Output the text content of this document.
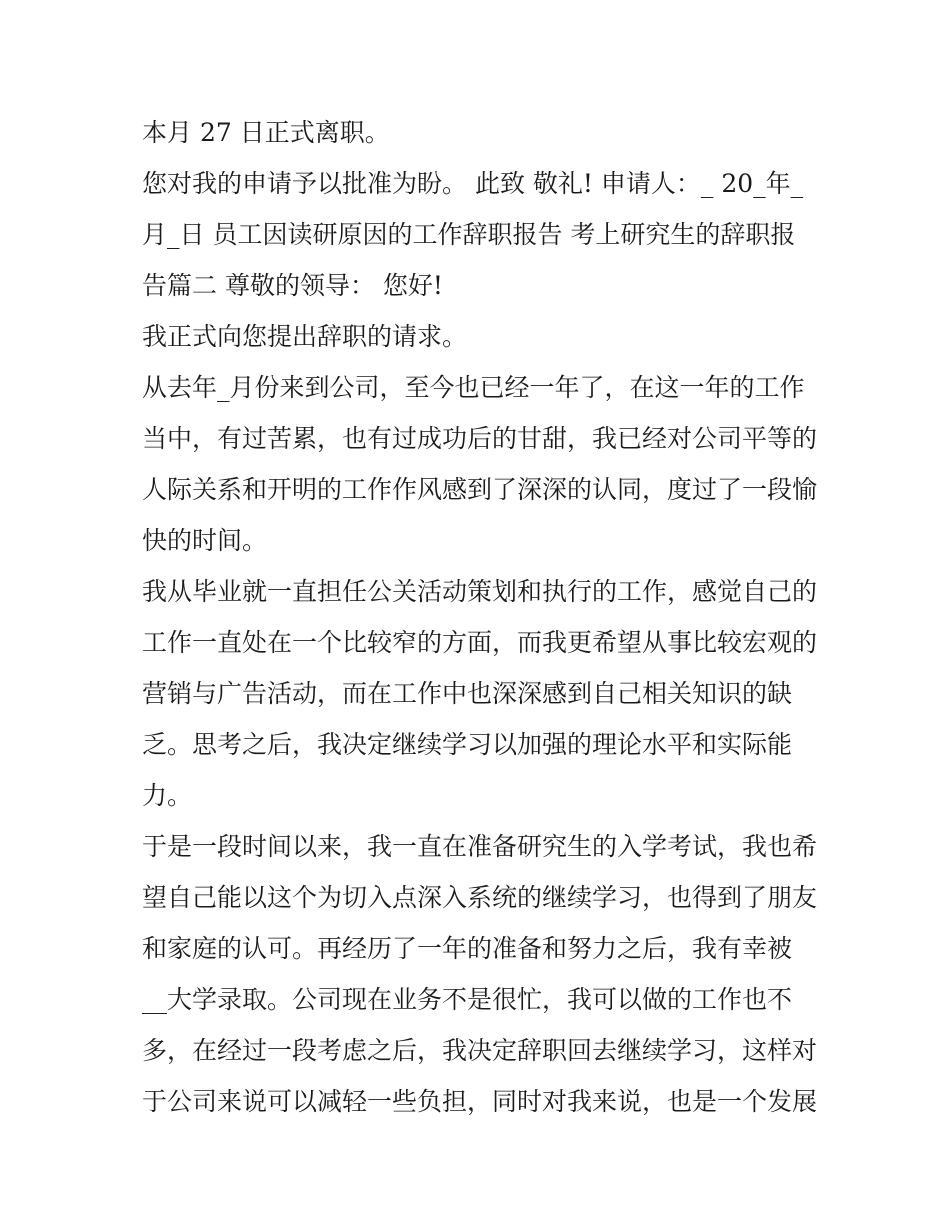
本月 27 日正式离职。
您对我的申请予以批准为盼。 此致 敬礼! 申请人：_ 20_年_
月_日 员工因读研原因的工作辞职报告 考上研究生的辞职报
告篇二 尊敬的领导： 您好!
我正式向您提出辞职的请求。
从去年_月份来到公司，至今也已经一年了，在这一年的工作
当中，有过苦累，也有过成功后的甘甜，我已经对公司平等的
人际关系和开明的工作作风感到了深深的认同，度过了一段愉
快的时间。
我从毕业就一直担任公关活动策划和执行的工作，感觉自己的
工作一直处在一个比较窄的方面，而我更希望从事比较宏观的
营销与广告活动，而在工作中也深深感到自己相关知识的缺
乏。思考之后，我决定继续学习以加强的理论水平和实际能
力。
于是一段时间以来，我一直在准备研究生的入学考试，我也希
望自己能以这个为切入点深入系统的继续学习，也得到了朋友
和家庭的认可。再经历了一年的准备和努力之后，我有幸被
__大学录取。公司现在业务不是很忙，我可以做的工作也不
多，在经过一段考虑之后，我决定辞职回去继续学习，这样对
于公司来说可以减轻一些负担，同时对我来说，也是一个发展
